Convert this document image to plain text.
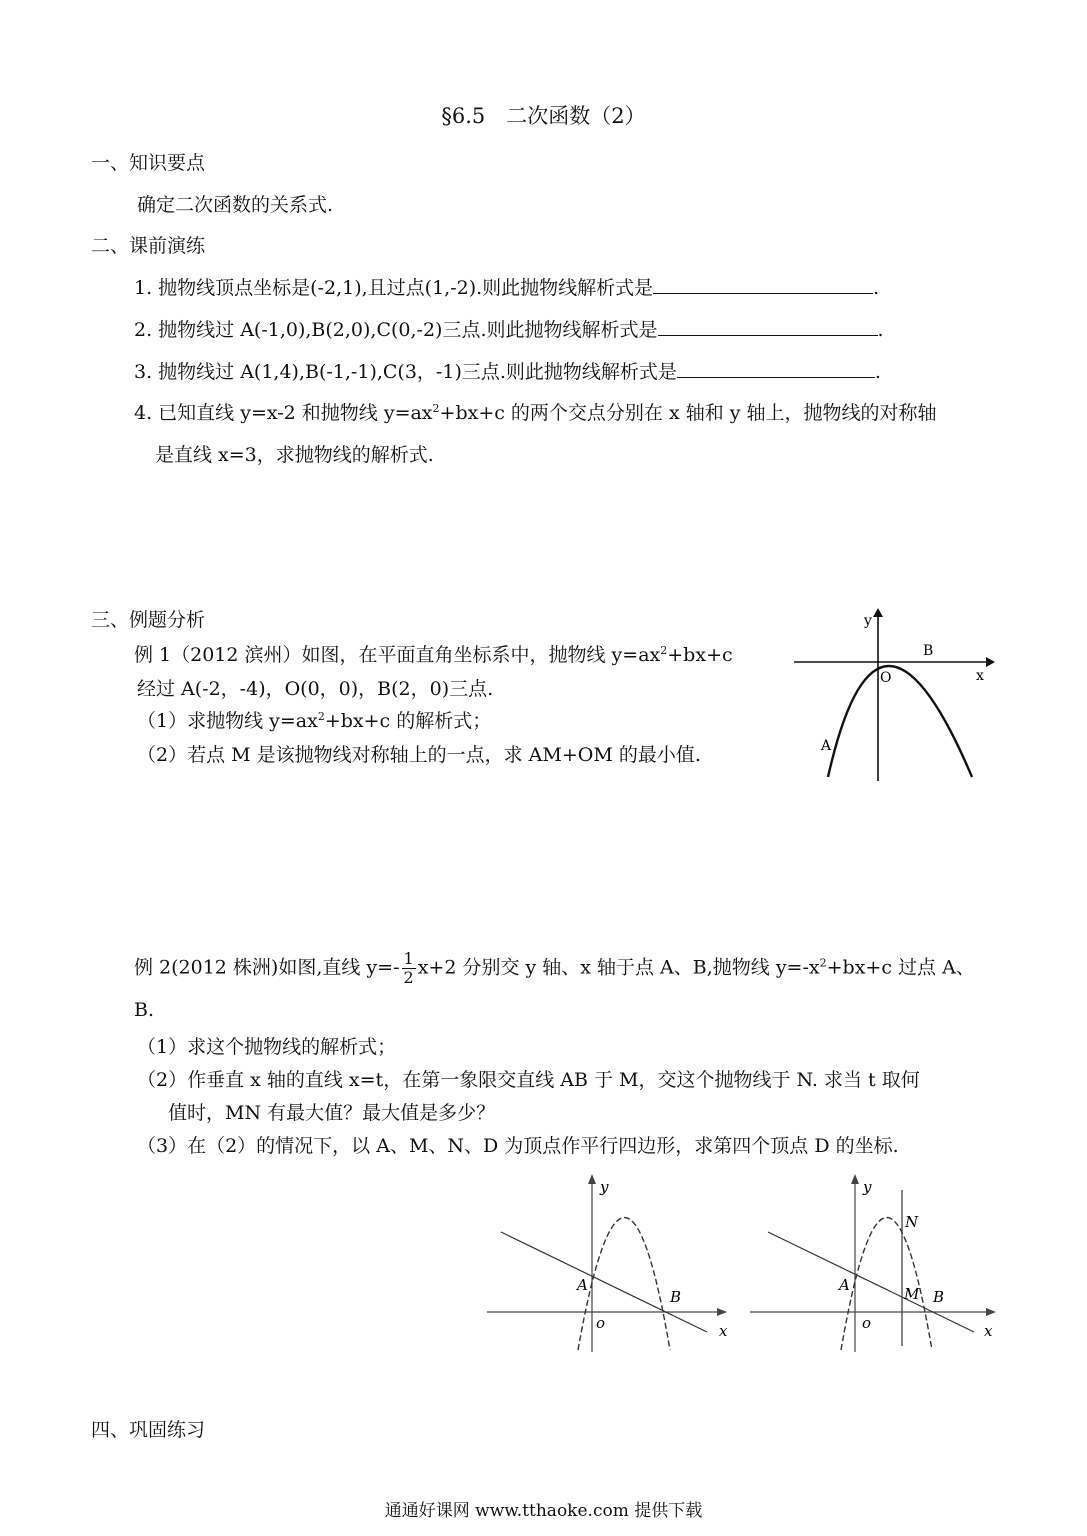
§6.5　二次函数（2）
一、知识要点
确定二次函数的关系式.
二、课前演练
1. 抛物线顶点坐标是(-2,1),且过点(1,-2).则此抛物线解析式是	.
2. 抛物线过 A(-1,0),B(2,0),C(0,-2)三点.则此抛物线解析式是	.
3. 抛物线过 A(1,4),B(-1,-1),C(3，-1)三点.则此抛物线解析式是	.
4. 已知直线 y=x-2 和抛物线 $y=ax^2+bx+c$ 的两个交点分别在 x 轴和 y 轴上，抛物线的对称轴
是直线 x=3，求抛物线的解析式.
三、例题分析
例 1（2012 滨州）如图，在平面直角坐标系中，抛物线 $y=ax^2+bx+c$
经过 A(-2，-4)，O(0，0)，B(2，0)三点.
（1）求抛物线 $y=ax^2+bx+c$ 的解析式；
（2）若点 M 是该抛物线对称轴上的一点，求 AM+OM 的最小值.
y
x
O
B
A
例 2(2012 株洲)如图,直线 $y=- \frac{1}{2} x+2$ 分别交 y 轴、x 轴于点 A、B,抛物线 $y=-x^2+bx+c$ 过点 A、
B.
（1）求这个抛物线的解析式；
（2）作垂直 x 轴的直线 x=t，在第一象限交直线 AB 于 M，交这个抛物线于 N. 求当 t 取何
值时，MN 有最大值？最大值是多少？
（3）在（2）的情况下，以 A、M、N、D 为顶点作平行四边形，求第四个顶点 D 的坐标.
y
x
o
A
B
y
x
o
A
B
M
N
四、巩固练习
通通好课网 www.tthaoke.com 提供下载
